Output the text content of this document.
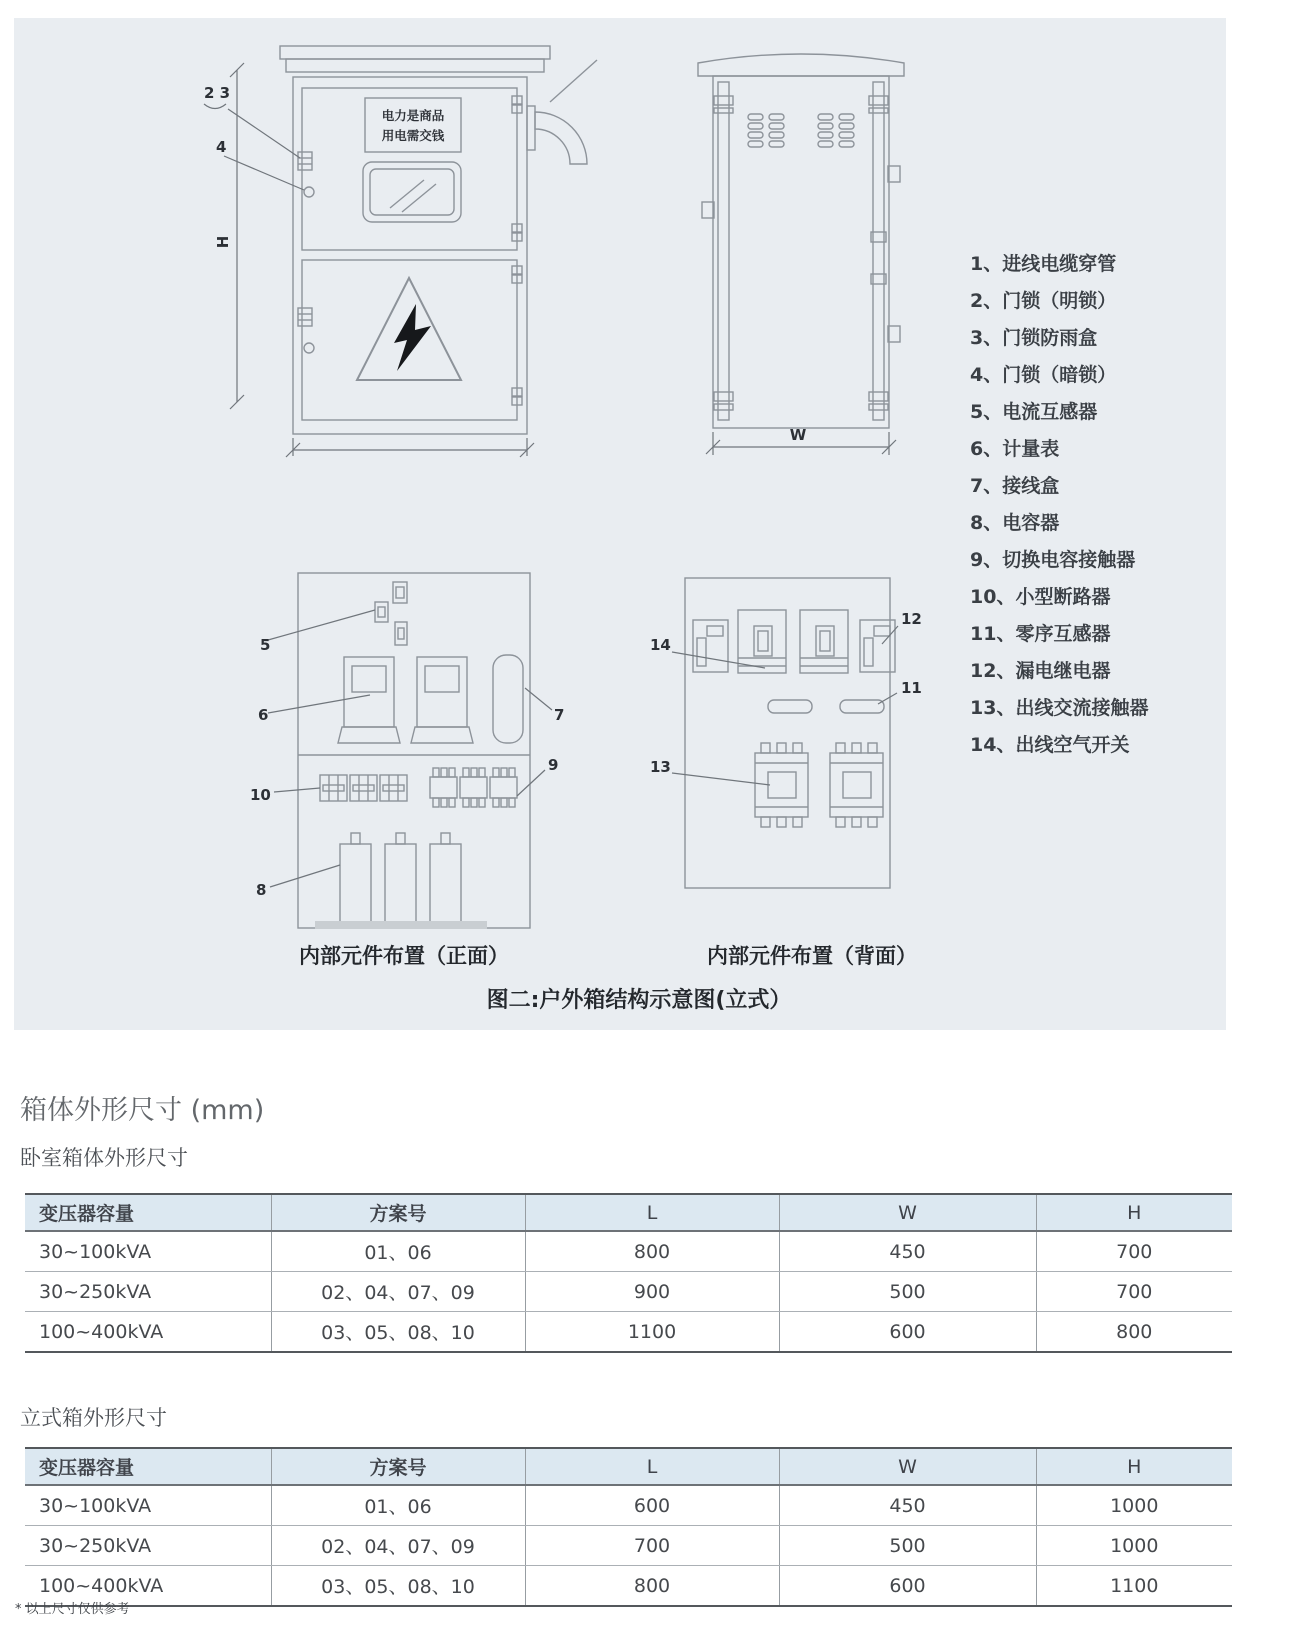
2 3
4
H
电力是商品
用电需交钱
W
5
6	7
10
9
8
14
12
11
13
1、进线电缆穿管
2、门锁（明锁）
3、门锁防雨盒
4、门锁（暗锁）
5、电流互感器
6、计量表
7、接线盒
8、电容器
9、切换电容接触器
10、小型断路器
11、零序互感器
12、漏电继电器
13、出线交流接触器
14、出线空气开关
内部元件布置（正面）	内部元件布置（背面）
图二:户外箱结构示意图(立式）
箱体外形尺寸 (mm)
卧室箱体外形尺寸
变压器容量	方案号	L	W	H
30~100kVA	01、06	800	450	700
30~250kVA	02、04、07、09	900	500	700
100~400kVA	03、05、08、10	1100	600	800
立式箱外形尺寸
变压器容量	方案号	L	W	H
30~100kVA	01、06	600	450	1000
30~250kVA	02、04、07、09	700	500	1000
100~400kVA	03、05、08、10	800	600	1100
* 以上尺寸仅供参考
